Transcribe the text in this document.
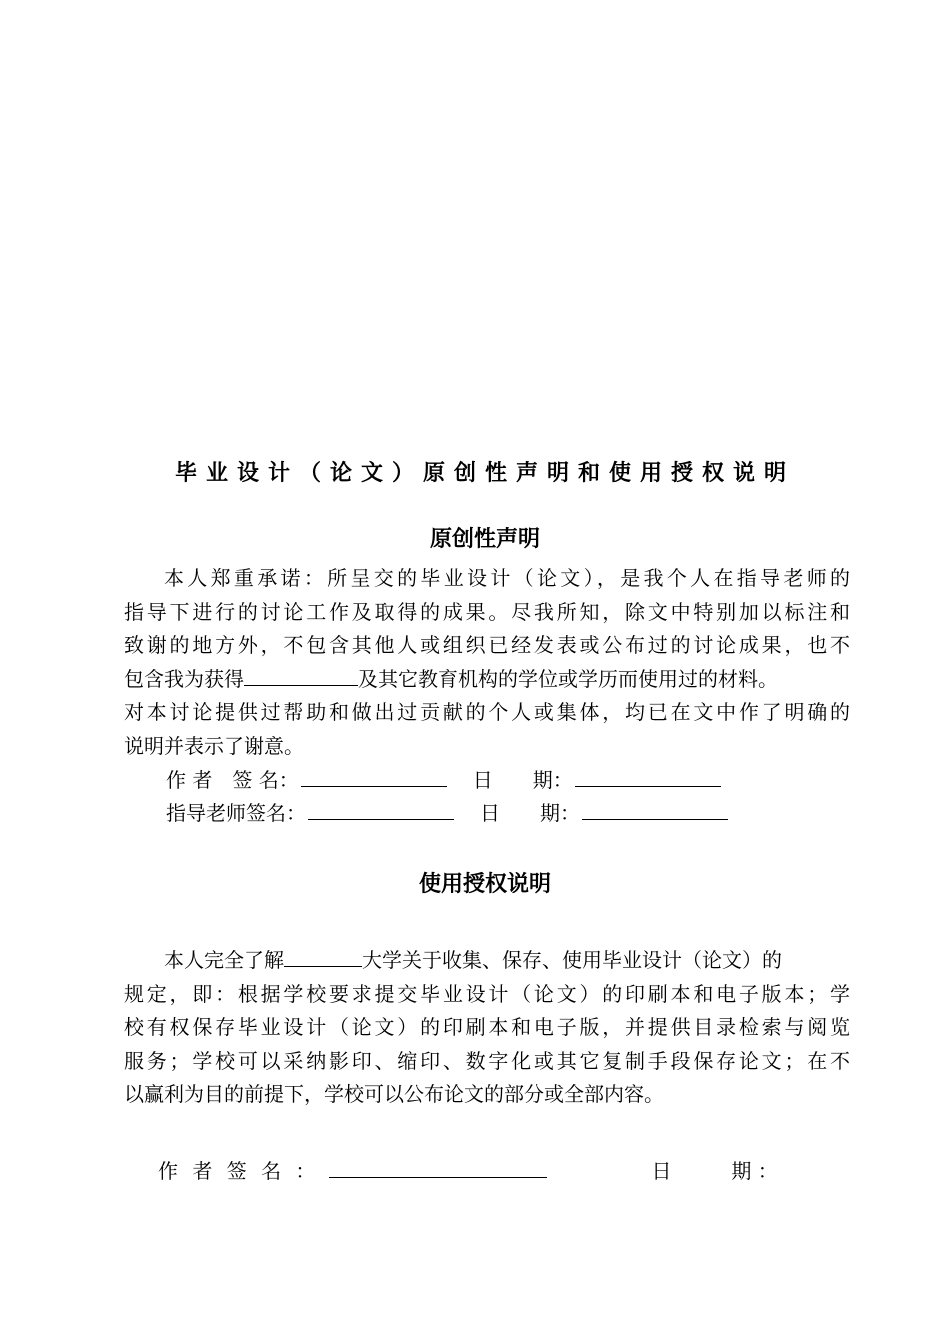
毕业设计（论文）原创性声明和使用授权说明
原创性声明
本人郑重承诺：所呈交的毕业设计（论文），是我个人在指导老师的
指导下进行的讨论工作及取得的成果。尽我所知，除文中特别加以标注和
致谢的地方外，不包含其他人或组织已经发表或公布过的讨论成果，也不
包含我为获得	及其它教育机构的学位或学历而使用过的材料。
对本讨论提供过帮助和做出过贡献的个人或集体，均已在文中作了明确的
说明并表示了谢意。
作 者　签 名：	日　　期：
指导老师签名：	日　　期：
使用授权说明
本人完全了解	大学关于收集、保存、使用毕业设计（论文）的
规定，即：根据学校要求提交毕业设计（论文）的印刷本和电子版本；学
校有权保存毕业设计（论文）的印刷本和电子版，并提供目录检索与阅览
服务；学校可以采纳影印、缩印、数字化或其它复制手段保存论文；在不
以赢利为目的前提下，学校可以公布论文的部分或全部内容。
作 者 签 名 ：	日　　　期 ：
